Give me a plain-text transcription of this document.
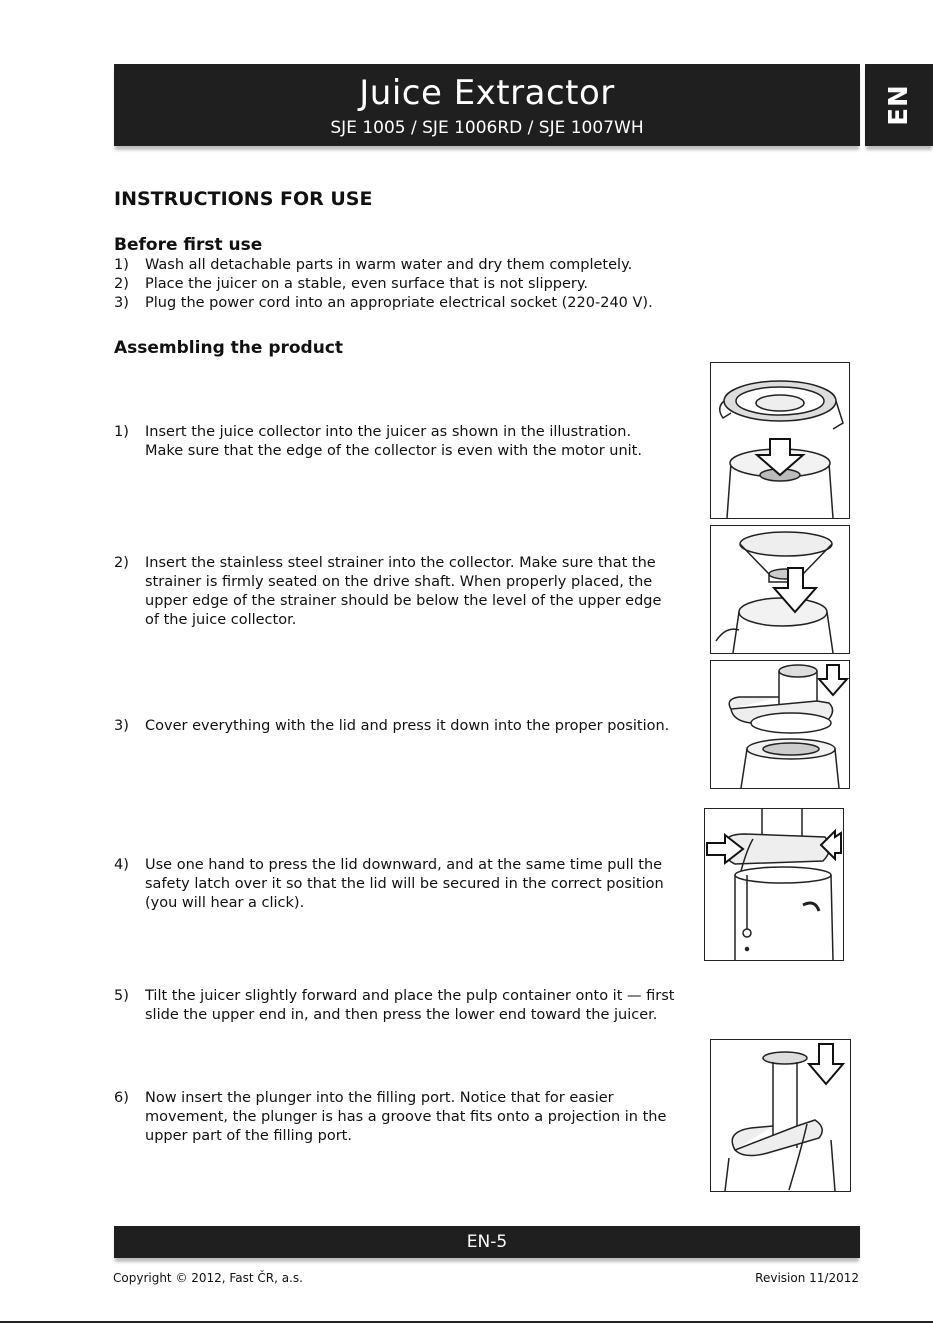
Juice Extractor
SJE 1005 / SJE 1006RD / SJE 1007WH
EN
INSTRUCTIONS FOR USE
Before first use
1)	Wash all detachable parts in warm water and dry them completely.
2)	Place the juicer on a stable, even surface that is not slippery.
3)	Plug the power cord into an appropriate electrical socket (220-240 V).
Assembling the product
1)	Insert the juice collector into the juicer as shown in the illustration.
Make sure that the edge of the collector is even with the motor unit.
2)	Insert the stainless steel strainer into the collector. Make sure that the
strainer is firmly seated on the drive shaft. When properly placed, the
upper edge of the strainer should be below the level of the upper edge
of the juice collector.
3)	Cover everything with the lid and press it down into the proper position.
4)	Use one hand to press the lid downward, and at the same time pull the
safety latch over it so that the lid will be secured in the correct position
(you will hear a click).
5)	Tilt the juicer slightly forward and place the pulp container onto it — first
slide the upper end in, and then press the lower end toward the juicer.
6)	Now insert the plunger into the filling port. Notice that for easier
movement, the plunger is has a groove that fits onto a projection in the
upper part of the filling port.
EN-5
Copyright © 2012, Fast ČR, a.s.	Revision 11/2012
